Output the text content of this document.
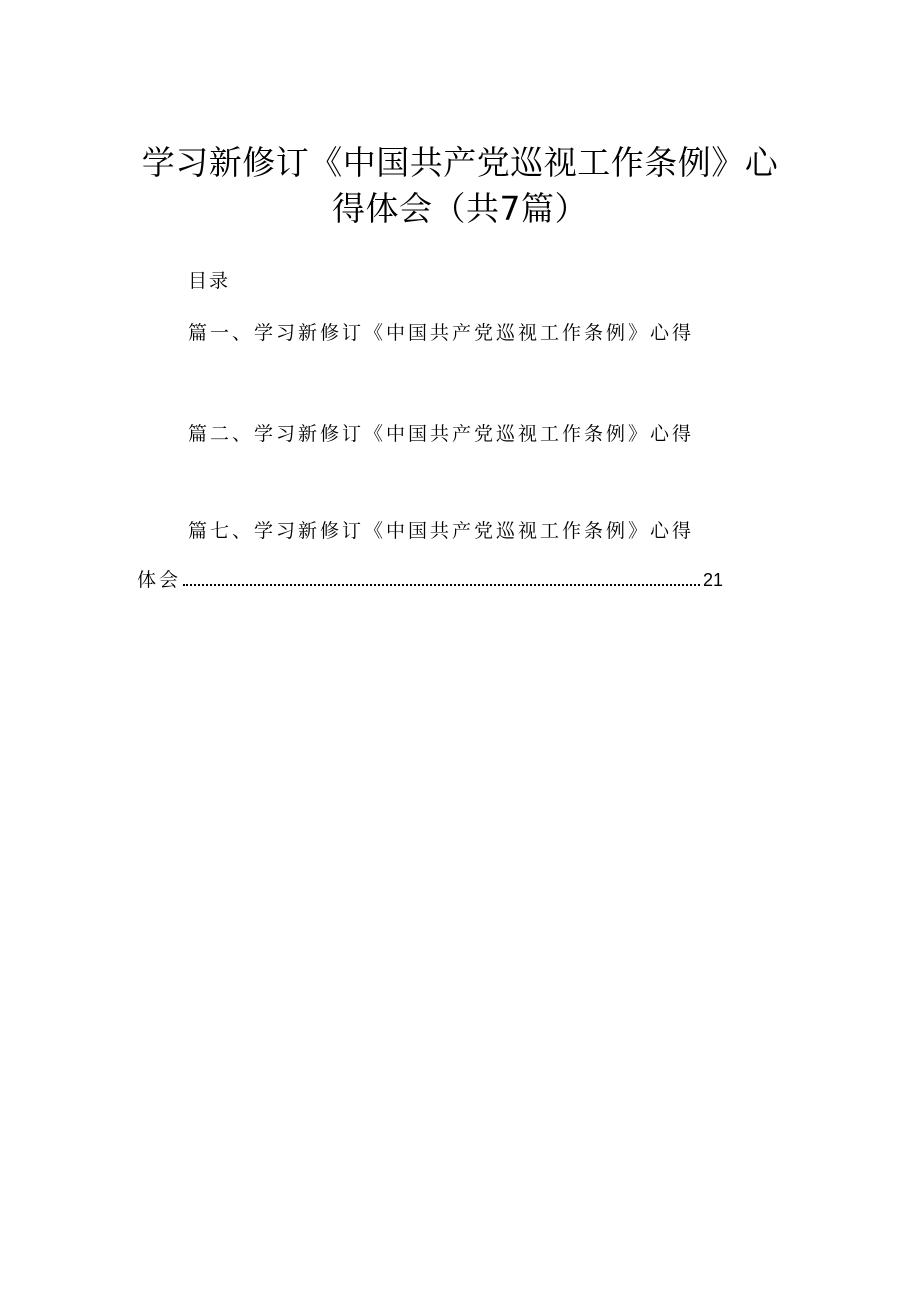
学习新修订《中国共产党巡视工作条例》心
得体会（共7篇）
目录
篇一、学习新修订《中国共产党巡视工作条例》心得
篇二、学习新修订《中国共产党巡视工作条例》心得
篇七、学习新修订《中国共产党巡视工作条例》心得
体会	21
